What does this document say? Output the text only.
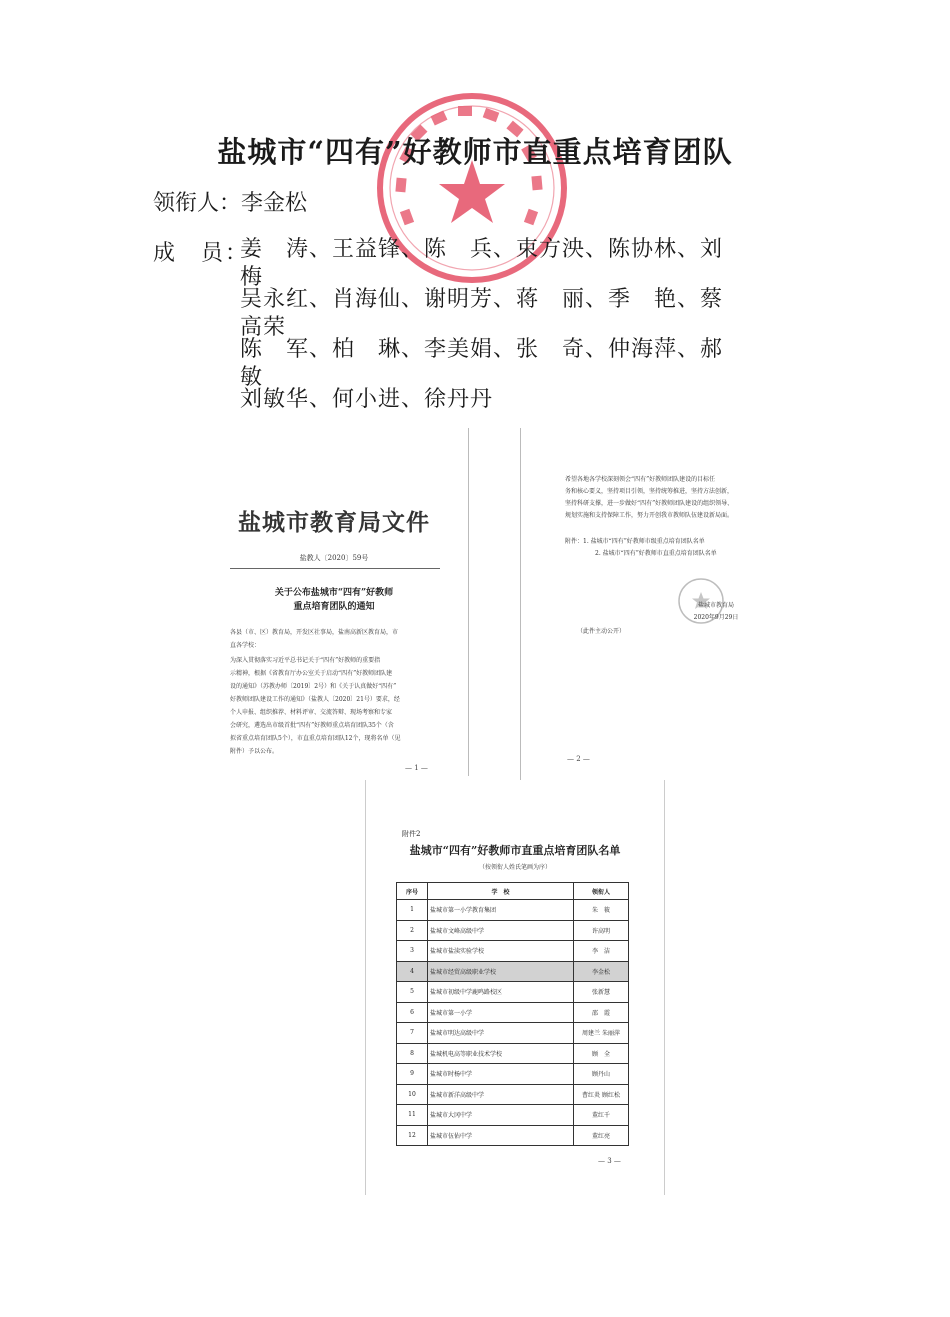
盐城市“四有”好教师市直重点培育团队
领衔人：李金松
成　员：
姜　涛、王益锋、陈　兵、束方泱、陈协林、刘　梅
吴永红、肖海仙、谢明芳、蒋　丽、季　艳、蔡高荣
陈　军、柏　琳、李美娟、张　奇、仲海萍、郝　敏
刘敏华、何小进、徐丹丹
盐城市教育局文件
盐教人〔2020〕59号
关于公布盐城市“四有”好教师
重点培育团队的通知
各县（市、区）教育局，开发区社事局，盐南高新区教育局，市
直各学校：
为深入贯彻落实习近平总书记关于“四有”好教师的重要指
示精神，根据《省教育厅办公室关于启动“四有”好教师团队建
设的通知》（苏教办师〔2019〕2号）和《关于认真做好“四有”
好教师团队建设工作的通知》（盐教人〔2020〕21号）要求，经
个人申报、组织推荐、材料评审、交流答辩、现场考察和专家
会研究，遴选出市级首批“四有”好教师重点培育团队35个（含
拟省重点培育团队5个），市直重点培育团队12个，现将名单（见
附件）予以公布。
— 1 —
希望各地各学校深刻领会“四有”好教师团队建设的目标任
务和核心要义，坚持项目引领，坚持统筹推进，坚持方法创新，
坚持科研支撑，进一步做好“四有”好教师团队建设的组织领导、
规划实施和支持保障工作，努力开创我市教师队伍建设新局面。
附件：1. 盐城市“四有”好教师市级重点培育团队名单
2. 盐城市“四有”好教师市直重点培育团队名单
盐城市教育局
2020年9月29日
（此件主动公开）
— 2 —
附件2
盐城市“四有”好教师市直重点培育团队名单
（按领衔人姓氏笔画为序）
序号	学　校	领衔人
1	盐城市第一小学教育集团	朱　筱
2	盐城市文峰高级中学	许高明
3	盐城市盐渎实验学校	李　洁
4	盐城市经贸高级职业学校	李金松
5	盐城市初级中学鹿鸣路校区	张新慧
6	盐城市第一小学	邵　霞
7	盐城市明达高级中学	周建兰 朱丽萍
8	盐城机电高等职业技术学校	顾　全
9	盐城市时杨中学	顾丹山
10	盐城市新洋高级中学	曹红炎 顾红松
11	盐城市大冈中学	董红千
12	盐城市伍佑中学	董红亮
— 3 —
